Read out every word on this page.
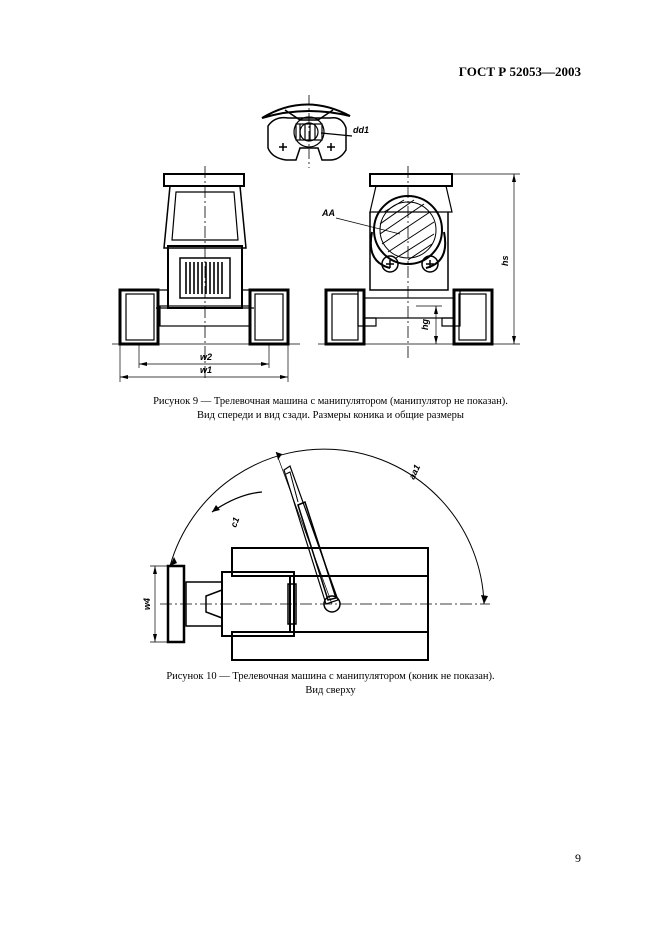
ГОСТ Р 52053—2003
dd1
AA
hg
hs
w2
w1
w4
c1
aa1
Рисунок 9 — Трелевочная машина с манипулятором (манипулятор не показан).
Вид спереди и вид сзади. Размеры коника и общие размеры
Рисунок 10 — Трелевочная машина с манипулятором (коник не показан).
Вид сверху
9
